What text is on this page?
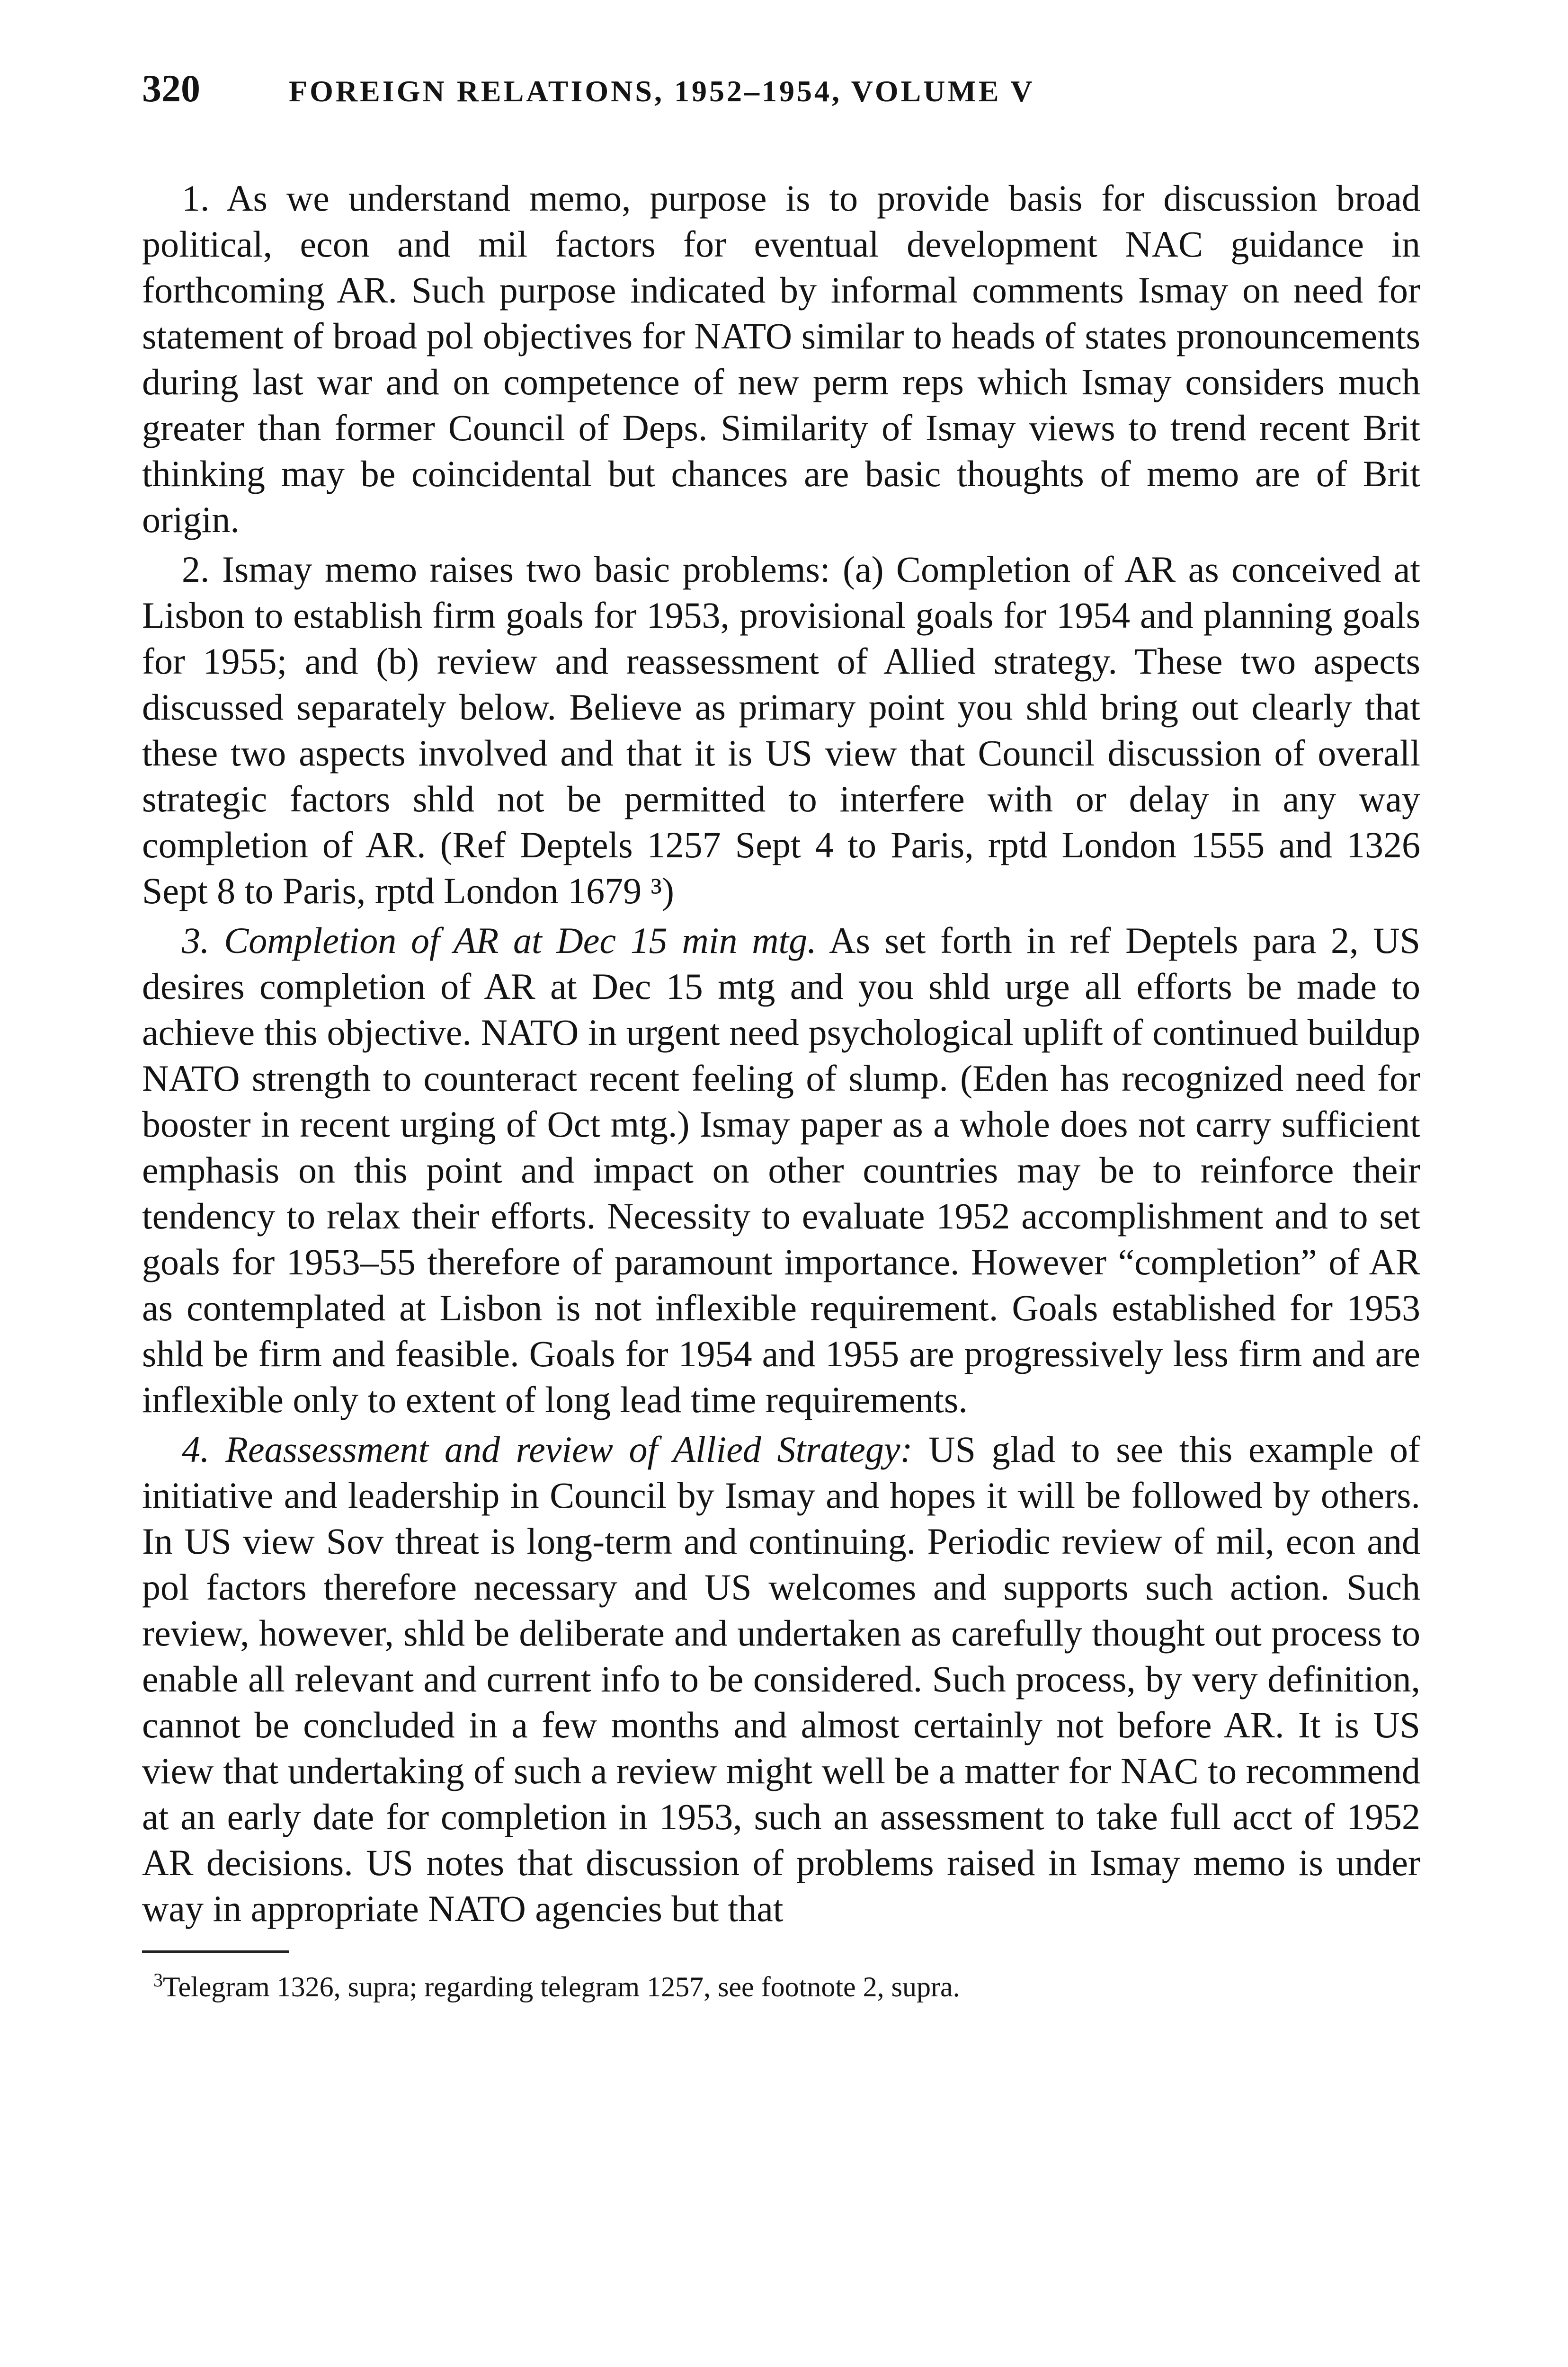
320	FOREIGN RELATIONS, 1952–1954, VOLUME V

1. As we understand memo, purpose is to provide basis for discussion broad political, econ and mil factors for eventual development NAC guidance in forthcoming AR. Such purpose indicated by informal comments Ismay on need for statement of broad pol objectives for NATO similar to heads of states pronouncements during last war and on competence of new perm reps which Ismay considers much greater than former Council of Deps. Similarity of Ismay views to trend recent Brit thinking may be coincidental but chances are basic thoughts of memo are of Brit origin.

2. Ismay memo raises two basic problems: (a) Completion of AR as conceived at Lisbon to establish firm goals for 1953, provisional goals for 1954 and planning goals for 1955; and (b) review and reassessment of Allied strategy. These two aspects discussed separately below. Believe as primary point you shld bring out clearly that these two aspects involved and that it is US view that Council discussion of overall strategic factors shld not be permitted to interfere with or delay in any way completion of AR. (Ref Deptels 1257 Sept 4 to Paris, rptd London 1555 and 1326 Sept 8 to Paris, rptd London 1679 ³)

3. Completion of AR at Dec 15 min mtg. As set forth in ref Deptels para 2, US desires completion of AR at Dec 15 mtg and you shld urge all efforts be made to achieve this objective. NATO in urgent need psychological uplift of continued buildup NATO strength to counteract recent feeling of slump. (Eden has recognized need for booster in recent urging of Oct mtg.) Ismay paper as a whole does not carry sufficient emphasis on this point and impact on other countries may be to reinforce their tendency to relax their efforts. Necessity to evaluate 1952 accomplishment and to set goals for 1953–55 therefore of paramount importance. However “completion” of AR as contemplated at Lisbon is not inflexible requirement. Goals established for 1953 shld be firm and feasible. Goals for 1954 and 1955 are progressively less firm and are inflexible only to extent of long lead time requirements.

4. Reassessment and review of Allied Strategy: US glad to see this example of initiative and leadership in Council by Ismay and hopes it will be followed by others. In US view Sov threat is long-term and continuing. Periodic review of mil, econ and pol factors therefore necessary and US welcomes and supports such action. Such review, however, shld be deliberate and undertaken as carefully thought out process to enable all relevant and current info to be considered. Such process, by very definition, cannot be concluded in a few months and almost certainly not before AR. It is US view that undertaking of such a review might well be a matter for NAC to recommend at an early date for completion in 1953, such an assessment to take full acct of 1952 AR decisions. US notes that discussion of problems raised in Ismay memo is under way in appropriate NATO agencies but that

$^3$Telegram 1326, supra; regarding telegram 1257, see footnote 2, supra.
